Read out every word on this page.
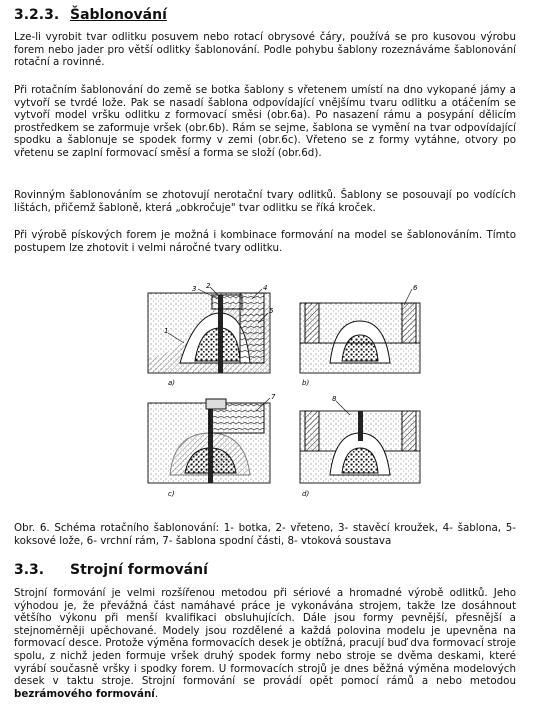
3.2.3. Šablonování

Lze-li vyrobit tvar odlitku posuvem nebo rotací obrysové čáry, používá se pro kusovou výrobu forem nebo jader pro větší odlitky šablonování. Podle pohybu šablony rozeznáváme šablonování rotační a rovinné.

Při rotačním šablonování do země se botka šablony s vřetenem umístí na dno vykopané jámy a vytvoří se tvrdé lože. Pak se nasadí šablona odpovídající vnějšímu tvaru odlitku a otáčením se vytvoří model vršku odlitku z formovací směsi (obr.6a). Po nasazení rámu a posypání dělicím prostředkem se zaformuje vršek (obr.6b). Rám se sejme, šablona se vymění na tvar odpovídající spodku a šablonuje se spodek formy v zemi (obr.6c). Vřeteno se z formy vytáhne, otvory po vřetenu se zaplní formovací směsí a forma se složí (obr.6d).

Rovinným šablonováním se zhotovují nerotační tvary odlitků. Šablony se posouvají po vodících lištách, přičemž šabloně, která „obkročuje" tvar odlitku se říká kroček.

Při výrobě pískových forem je možná i kombinace formování na model se šablonováním. Tímto postupem lze zhotovit i velmi náročné tvary odlitku.

3 2	4
5
1
a)
6
b)
7
c)
8
d)

Obr. 6. Schéma rotačního šablonování: 1- botka, 2- vřeteno, 3- stavěcí kroužek, 4- šablona, 5- koksové lože, 6- vrchní rám, 7- šablona spodní části, 8- vtoková soustava

3.3. Strojní formování

Strojní formování je velmi rozšířenou metodou při sériové a hromadné výrobě odlitků. Jeho výhodou je, že převážná část namáhavé práce je vykonávána strojem, takže lze dosáhnout většího výkonu při menší kvalifikaci obsluhujících. Dále jsou formy pevnější, přesnější a stejnoměrněji upěchované. Modely jsou rozdělené a každá polovina modelu je upevněna na formovací desce. Protože výměna formovacích desek je obtížná, pracují buď dva formovací stroje spolu, z nichž jeden formuje vršek druhý spodek formy nebo stroje se dvěma deskami, které vyrábí současně vršky i spodky forem. U formovacích strojů je dnes běžná výměna modelových desek v taktu stroje. Strojní formování se provádí opět pomocí rámů a nebo metodou bezrámového formování.
